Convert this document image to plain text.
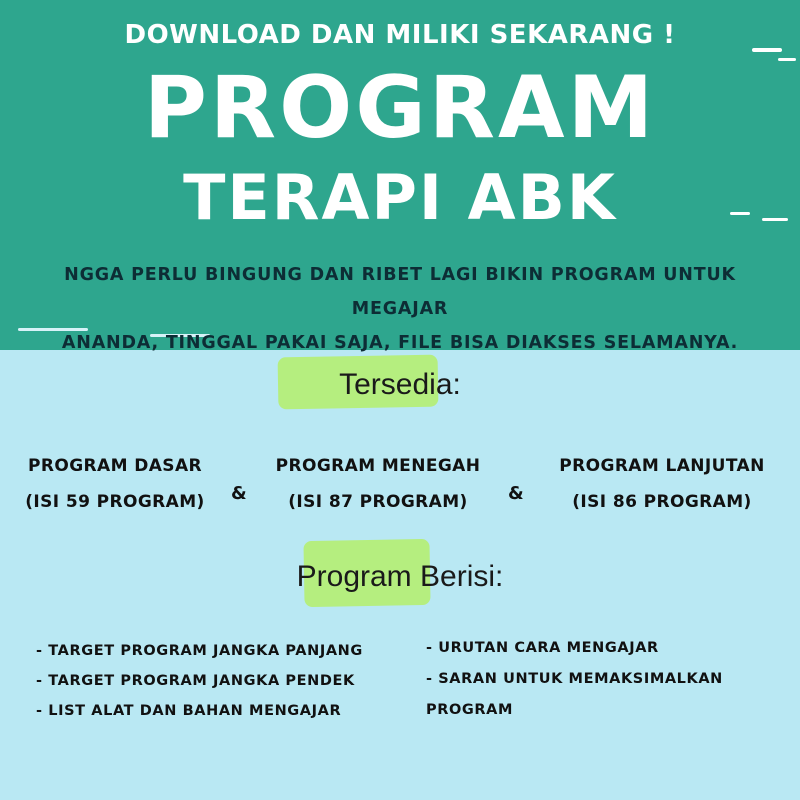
DOWNLOAD DAN MILIKI SEKARANG !
PROGRAM
TERAPI ABK
NGGA PERLU BINGUNG DAN RIBET LAGI BIKIN PROGRAM UNTUK MEGAJAR
ANANDA, TINGGAL PAKAI SAJA, FILE BISA DIAKSES SELAMANYA.
Tersedia:
PROGRAM DASAR
(ISI 59 PROGRAM)	&
PROGRAM MENEGAH
(ISI 87 PROGRAM)	&
PROGRAM LANJUTAN
(ISI 86 PROGRAM)
Program Berisi:
- TARGET PROGRAM JANGKA PANJANG
- TARGET PROGRAM JANGKA PENDEK
- LIST ALAT DAN BAHAN MENGAJAR
- URUTAN CARA MENGAJAR
- SARAN UNTUK MEMAKSIMALKAN
PROGRAM
